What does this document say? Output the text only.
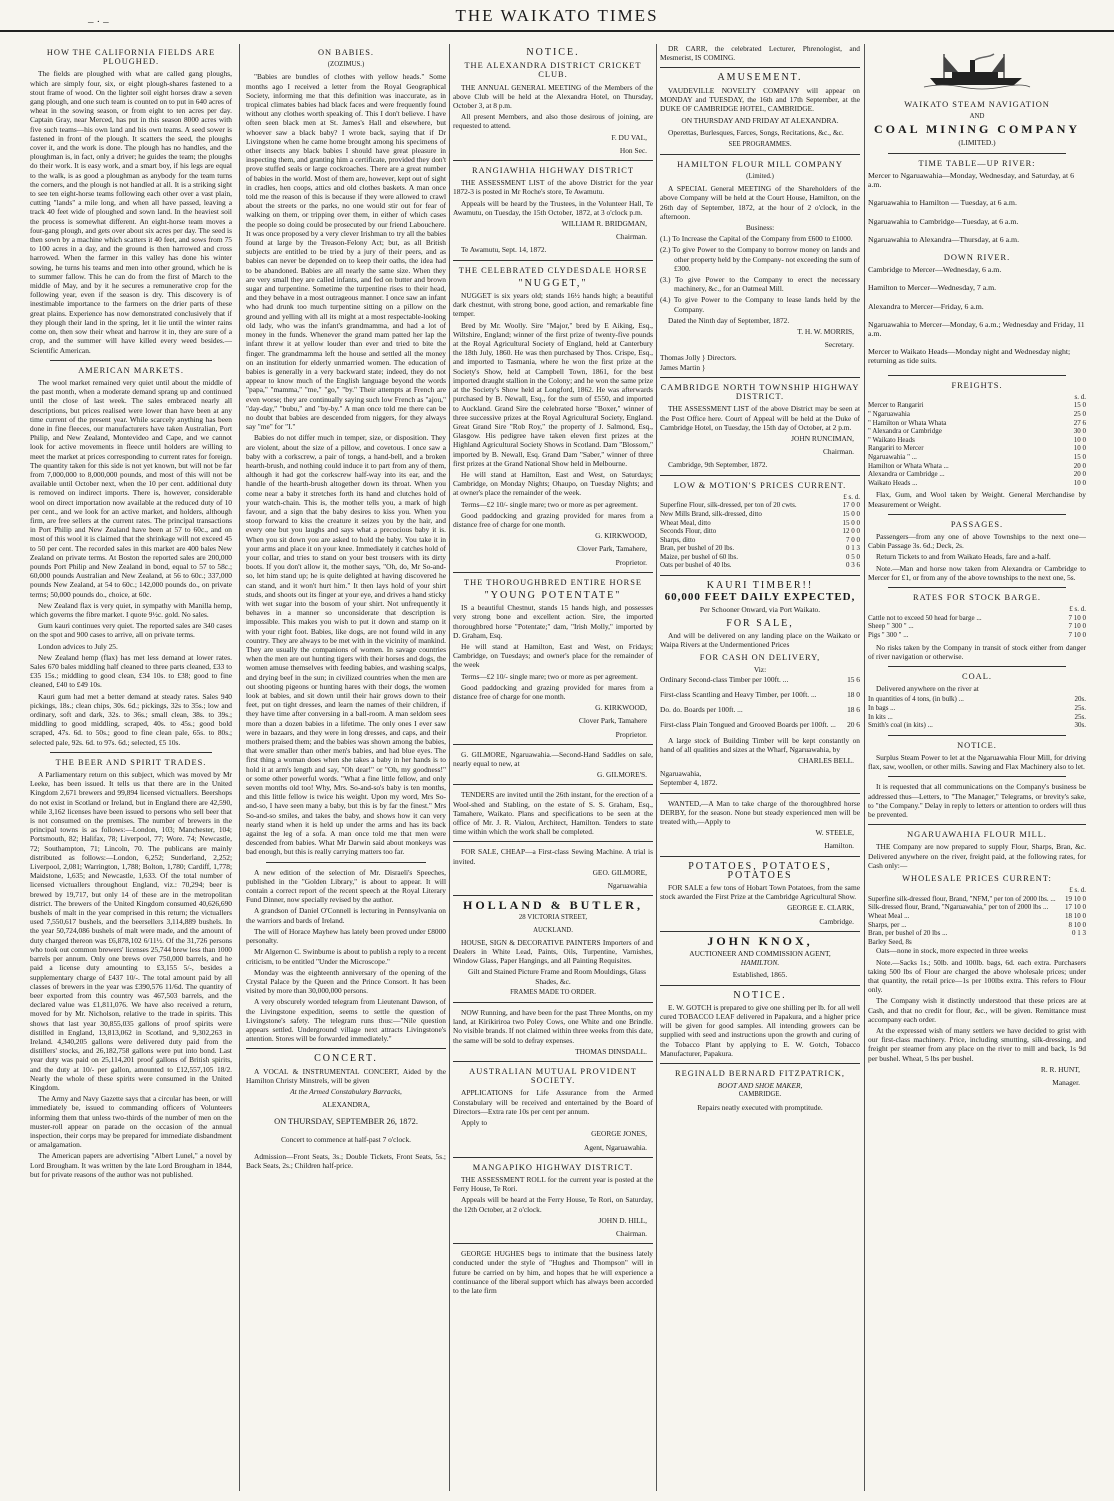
–·–	THE WAIKATO TIMES
HOW THE CALIFORNIA FIELDS ARE PLOUGHED.

The fields are ploughed with what are called gang ploughs, which are simply four, six, or eight plough-shares fastened to a stout frame of wood. On the lighter soil eight horses draw a seven gang plough, and one such team is counted on to put in 640 acres of wheat in the sowing season, or from eight to ten acres per day. Captain Gray, near Merced, has put in this season 8000 acres with five such teams—his own land and his own teams. A seed sower is fastened in front of the plough. It scatters the seed, the ploughs cover it, and the work is done. The plough has no handles, and the ploughman is, in fact, only a driver; he guides the team; the ploughs do their work. It is easy work, and a smart boy, if his legs are equal to the walk, is as good a ploughman as anybody for the team turns the corners, and the plough is not handled at all. It is a striking sight to see ten eight-horse teams following each other over a vast plain, cutting "lands" a mile long, and when all have passed, leaving a track 40 feet wide of ploughed and sown land. In the heaviest soil the process is somewhat different. An eight-horse team moves a four-gang plough, and gets over about six acres per day. The seed is then sown by a machine which scatters it 40 feet, and sows from 75 to 100 acres in a day, and the ground is then harrowed and cross harrowed. When the farmer in this valley has done his winter sowing, he turns his teams and men into other ground, which he is to summer fallow. This he can do from the first of March to the middle of May, and by it he secures a remunerative crop for the following year, even if the season is dry. This discovery is of inestimable importance to the farmers on the drier parts of these great plains. Experience has now demonstrated conclusively that if they plough their land in the spring, let it lie until the winter rains come on, then sow their wheat and harrow it in, they are sure of a crop, and the summer will have killed every weed besides.—Scientific American.

AMERICAN MARKETS.

The wool market remained very quiet until about the middle of the past month, when a moderate demand sprang up and continued until the close of last week. The sales embraced nearly all descriptions, but prices realised were lower than have been at any time current of the present year. While scarcely anything has been done in fine fleeces, our manufacturers have taken Australian, Port Philip, and New Zealand, Montevideo and Cape, and we cannot look for active movements in fleece until holders are willing to meet the market at prices corresponding to current rates for foreign. The quantity taken for this side is not yet known, but will not be far from 7,000,000 to 8,000,000 pounds, and most of this will not be available until October next, when the 10 per cent. additional duty is removed on indirect imports. There is, however, considerable wool on direct importation now available at the reduced duty of 10 per cent., and we look for an active market, and holders, although firm, are free sellers at the current rates. The principal transactions in Port Philip and New Zealand have been at 57 to 60c., and on most of this wool it is claimed that the shrinkage will not exceed 45 to 50 per cent. The recorded sales in this market are 400 bales New Zealand on private terms. At Boston the reported sales are 200,000 pounds Port Philip and New Zealand in bond, equal to 57 to 58c.; 60,000 pounds Australian and New Zealand, at 56 to 60c.; 337,000 pounds New Zealand, at 54 to 60c.; 142,000 pounds do., on private terms; 50,000 pounds do., choice, at 60c.

New Zealand flax is very quiet, in sympathy with Manilla hemp, which governs the fibre market. I quote 9½c. gold. No sales.

Gum kauri continues very quiet. The reported sales are 340 cases on the spot and 900 cases to arrive, all on private terms.

London advices to July 25.

New Zealand hemp (flax) has met less demand at lower rates. Sales 670 bales middling half cleaned to three parts cleaned, £33 to £35 15s.; middling to good clean, £34 10s. to £38; good to fine cleaned, £40 to £49 10s.

Kauri gum had met a better demand at steady rates. Sales 940 pickings, 18s.; clean chips, 30s. 6d.; pickings, 32s to 35s.; low and ordinary, soft and dark, 32s. to 36s.; small clean, 38s. to 39s.; middling to good middling, scraped, 40s. to 45s.; good bold scraped, 47s. 6d. to 50s.; good to fine clean pale, 65s. to 80s.; selected pale, 92s. 6d. to 97s. 6d.; selected, £5 10s.

THE BEER AND SPIRIT TRADES.

A Parliamentary return on this subject, which was moved by Mr Leeke, has been issued. It tells us that there are in the United Kingdom 2,671 brewers and 99,894 licensed victuallers. Beershops do not exist in Scotland or Ireland, but in England there are 42,590, while 3,162 licenses have been issued to persons who sell beer that is not consumed on the premises. The number of brewers in the principal towns is as follows:—London, 103; Manchester, 104; Portsmouth, 82; Halifax, 78; Liverpool, 77; Wore. 74; Newcastle, 72; Southampton, 71; Lincoln, 70. The publicans are mainly distributed as follows:—London, 6,252; Sunderland, 2,252; Liverpool, 2,081; Warrington, 1,788; Bolton, 1,780; Cardiff, 1,778; Maidstone, 1,635; and Newcastle, 1,633. Of the total number of licensed victuallers throughout England, viz.: 70,294; beer is brewed by 19,717, but only 14 of these are in the metropolitan district. The brewers of the United Kingdom consumed 40,626,690 bushels of malt in the year comprised in this return; the victuallers used 7,550,617 bushels, and the beersellers 3,114,889 bushels. In the year 50,724,086 bushels of malt were made, and the amount of duty charged thereon was £6,878,102 6/11½. Of the 31,726 persons who took out common brewers' licenses 25,744 brew less than 1000 barrels per annum. Only one brews over 750,000 barrels, and he paid a license duty amounting to £3,155 5/-, besides a supplementary charge of £437 10/-. The total amount paid by all classes of brewers in the year was £390,576 11/6d. The quantity of beer exported from this country was 467,503 barrels, and the declared value was £1,811,076. We have also received a return, moved for by Mr. Nicholson, relative to the trade in spirits. This shows that last year 30,855,035 gallons of proof spirits were distilled in England, 13,813,062 in Scotland, and 9,302,263 in Ireland. 4,340,205 gallons were delivered duty paid from the distillers' stocks, and 26,182,758 gallons were put into bond. Last year duty was paid on 25,114,201 proof gallons of British spirits, and the duty at 10/- per gallon, amounted to £12,557,105 18/2. Nearly the whole of these spirits were consumed in the United Kingdom.

The Army and Navy Gazette says that a circular has been, or will immediately be, issued to commanding officers of Volunteers informing them that unless two-thirds of the number of men on the muster-roll appear on parade on the occasion of the annual inspection, their corps may be prepared for immediate disbandment or amalgamation.

The American papers are advertising "Albert Lunel," a novel by Lord Brougham. It was written by the late Lord Brougham in 1844, but for private reasons of the author was not published.

ON BABIES.
(ZOZIMUS.)

"Babies are bundles of clothes with yellow heads." Some months ago I received a letter from the Royal Geographical Society, informing me that this definition was inaccurate, as in tropical climates babies had black faces and were frequently found without any clothes worth speaking of. This I don't believe. I have often seen black men at St. James's Hall and elsewhere, but whoever saw a black baby? I wrote back, saying that if Dr Livingstone when he came home brought among his specimens of other insects any black babies I should have great pleasure in inspecting them, and granting him a certificate, provided they don't prove stuffed seals or large cockroaches. There are a great number of babies in the world. Most of them are, however, kept out of sight in cradles, hen coops, attics and old clothes baskets. A man once told me the reason of this is because if they were allowed to crawl about the streets or the parks, no one would stir out for fear of walking on them, or tripping over them, in either of which cases the people so doing could be prosecuted by our friend Labouchere. It was once proposed by a very clever Irishman to try all the babies found at large by the Treason-Felony Act; but, as all British subjects are entitled to be tried by a jury of their peers, and as babies can never be depended on to keep their oaths, the idea had to be abandoned. Babies are all nearly the same size. When they are very small they are called infants, and fed on butter and brown sugar and turpentine. Sometime the turpentine rises to their head, and they behave in a most outrageous manner. I once saw an infant who had drunk too much turpentine sitting on a pillow on the ground and yelling with all its might at a most respectable-looking old lady, who was the infant's grandmamma, and had a lot of money in the funds. Whenever the grand mam patted her lap the infant threw it at yellow louder than ever and tried to bite the finger. The grandmamma left the house and settled all the money on an institution for elderly unmarried women. The education of babies is generally in a very backward state; indeed, they do not appear to know much of the English language beyond the words "papa," "mamma," "me," "go," "by." Their attempts at French are even worse; they are continually saying such low French as "ajou," "day-day," "bubu," and "by-by." A man once told me there can be no doubt that babies are descended from niggers, for they always say "me" for "I."

Babies do not differ much in temper, size, or disposition. They are violent, about the size of a pillow, and covetous. I once saw a baby with a corkscrew, a pair of tongs, a hand-bell, and a broken hearth-brush, and nothing could induce it to part from any of them, although it had got the corkscrew half-way into its ear, and the handle of the hearth-brush altogether down its throat. When you come near a baby it stretches forth its hand and clutches hold of your watch-chain. This is, the mother tells you, a mark of high favour, and a sign that the baby desires to kiss you. When you stoop forward to kiss the creature it seizes you by the hair, and every one but you laughs and says what a precocious baby it is. When you sit down you are asked to hold the baby. You take it in your arms and place it on your knee. Immediately it catches hold of your collar, and tries to stand on your best trousers with its dirty boots. If you don't allow it, the mother says, "Oh, do, Mr So-and-so, let him stand up; he is quite delighted at having discovered he can stand, and it won't hurt him." It then lays hold of your shirt studs, and shoots out its finger at your eye, and drives a hand sticky with wet sugar into the bosom of your shirt. Not unfrequently it behaves in a manner so unconsiderate that description is impossible. This makes you wish to put it down and stamp on it with your right foot. Babies, like dogs, are not found wild in any country. They are always to be met with in the vicinity of mankind. They are usually the companions of women. In savage countries when the men are out hunting tigers with their horses and dogs, the women amuse themselves with feeding babies, and washing scalps, and drying beef in the sun; in civilized countries when the men are out shooting pigeons or hunting hares with their dogs, the women look at babies, and sit down until their hair grows down to their feet, put on tight dresses, and learn the names of their children, if they have time after conversing in a ball-room. A man seldom sees more than a dozen babies in a lifetime. The only ones I ever saw were in bazaars, and they were in long dresses, and caps, and their mothers praised them; and the babies was shown among the babies, that were smaller than other men's babies, and had blue eyes. The first thing a woman does when she takes a baby in her hands is to hold it at arm's length and say, "Oh dear!" or "Oh, my goodness!" or some other powerful words. "What a fine little fellow, and only seven months old too! Why, Mrs. So-and-so's baby is ten months, and this little fellow is twice his weight. Upon my word, Mrs So-and-so, I have seen many a baby, but this is by far the finest." Mrs So-and-so smiles, and takes the baby, and shows how it can very nearly stand when it is held up under the arms and has its back against the leg of a sofa. A man once told me that men were descended from babies. What Mr Darwin said about monkeys was bad enough, but this is really carrying matters too far.

A new edition of the selection of Mr. Disraeli's Speeches, published in the "Golden Library," is about to appear. It will contain a correct report of the recent speech at the Royal Literary Fund Dinner, now specially revised by the author.

A grandson of Daniel O'Connell is lecturing in Pennsylvania on the warriors and bards of Ireland.

The will of Horace Mayhew has lately been proved under £8000 personalty.

Mr Algernon C. Swinburne is about to publish a reply to a recent criticism, to be entitled "Under the Microscope."

Monday was the eighteenth anniversary of the opening of the Crystal Palace by the Queen and the Prince Consort. It has been visited by more than 30,000,000 persons.

A very obscurely worded telegram from Lieutenant Dawson, of the Livingstone expedition, seems to settle the question of Livingstone's safety. The telegram runs thus:—"Nile question appears settled. Underground village next attracts Livingstone's attention. Stores will be forwarded immediately."

CONCERT.

A VOCAL & INSTRUMENTAL CONCERT, Aided by the Hamilton Christy Minstrels, will be given

At the Armed Constabulary Barracks,
ALEXANDRA,
ON THURSDAY, SEPTEMBER 26, 1872.
Concert to commence at half-past 7 o'clock.

Admission—Front Seats, 3s.; Double Tickets, Front Seats, 5s.; Back Seats, 2s.; Children half-price.

NOTICE.
THE ALEXANDRA DISTRICT CRICKET CLUB.

THE ANNUAL GENERAL MEETING of the Members of the above Club will be held at the Alexandra Hotel, on Thursday, October 3, at 8 p.m.

All present Members, and also those desirous of joining, are requested to attend.

F. DU VAL,
Hon Sec.
RANGIAWHIA HIGHWAY DISTRICT

THE ASSESSMENT LIST of the above District for the year 1872-3 is posted in Mr Roche's store, Te Awamutu.

Appeals will be heard by the Trustees, in the Volunteer Hall, Te Awamutu, on Tuesday, the 15th October, 1872, at 3 o'clock p.m.

WILLIAM R. BRIDGMAN,
Chairman.

Te Awamutu, Sept. 14, 1872.

THE CELEBRATED CLYDESDALE HORSE
"NUGGET,"

NUGGET is six years old; stands 16½ hands high; a beautiful dark chestnut, with strong bone, good action, and remarkable fine temper.

Bred by Mr. Woolly. Sire "Major," bred by E Aiking, Esq., Wiltshire, England; winner of the first prize of twenty-five pounds at the Royal Agricultural Society of England, held at Canterbury the 18th July, 1860. He was then purchased by Thos. Crispe, Esq., and imported to Tasmania, where he won the first prize at the Society's Show, held at Campbell Town, 1861, for the best imported draught stallion in the Colony; and he won the same prize at the Society's Show held at Longford, 1862. He was afterwards purchased by B. Newall, Esq., for the sum of £550, and imported to Auckland. Grand Sire the celebrated horse "Boxer," winner of three successive prizes at the Royal Agricultural Society, England. Great Grand Sire "Rob Roy," the property of J. Salmond, Esq., Glasgow. His pedigree have taken eleven first prizes at the Highland Agricultural Society Shows in Scotland. Dam "Blossom," imported by B. Newall, Esq. Grand Dam "Saber," winner of three first prizes at the Grand National Show held in Melbourne.

He will stand at Hamilton, East and West, on Saturdays; Cambridge, on Monday Nights; Ohaupo, on Tuesday Nights; and at owner's place the remainder of the week.

Terms—£2 10/- single mare; two or more as per agreement.

Good paddocking and grazing provided for mares from a distance free of charge for one month.

G. KIRKWOOD,
Clover Park, Tamahere,
Proprietor.
THE THOROUGHBRED ENTIRE HORSE
"YOUNG POTENTATE"

IS a beautiful Chestnut, stands 15 hands high, and possesses very strong bone and excellent action. Sire, the imported thoroughbred horse "Potentate;" dam, "Irish Molly," imported by D. Graham, Esq.

He will stand at Hamilton, East and West, on Fridays; Cambridge, on Tuesdays; and owner's place for the remainder of the week

Terms—£2 10/- single mare; two or more as per agreement.

Good paddocking and grazing provided for mares from a distance free of charge for one month.

G. KIRKWOOD,
Clover Park, Tamahere
Proprietor.

G. GILMORE, Ngaruawahia.—Second-Hand Saddles on sale, nearly equal to new, at

G. GILMORE'S.

TENDERS are invited until the 26th instant, for the erection of a Wool-shed and Stabling, on the estate of S. S. Graham, Esq., Tamahere, Waikato. Plans and specifications to be seen at the office of Mr. J. R. Vialou, Architect, Hamilton. Tenders to state time within which the work shall be completed.

FOR SALE, CHEAP—a First-class Sewing Machine. A trial is invited.

GEO. GILMORE,
Ngaruawahia
HOLLAND & BUTLER,
28 VICTORIA STREET,
AUCKLAND.

HOUSE, SIGN & DECORATIVE PAINTERS Importers of and Dealers in White Lead, Paints, Oils, Turpentine, Varnishes, Window Glass, Paper Hangings, and all Painting Requisites.

Gilt and Stained Picture Frame and Room Mouldings, Glass Shades, &c.

FRAMES MADE TO ORDER.

NOW Running, and have been for the past Three Months, on my land, at Kirikiriroa two Poley Cows, one White and one Brindle. No visible brands. If not claimed within three weeks from this date, the same will be sold to defray expenses.

THOMAS DINSDALL.
AUSTRALIAN MUTUAL PROVIDENT SOCIETY.

APPLICATIONS for Life Assurance from the Armed Constabulary will be received and entertained by the Board of Directors—Extra rate 10s per cent per annum.

Apply to

GEORGE JONES,
Agent, Ngaruawahia.
MANGAPIKO HIGHWAY DISTRICT.

THE ASSESSMENT ROLL for the current year is posted at the Ferry House, Te Rori.

Appeals will be heard at the Ferry House, Te Rori, on Saturday, the 12th October, at 2 o'clock.

JOHN D. HILL,
Chairman.

GEORGE HUGHES begs to intimate that the business lately conducted under the style of "Hughes and Thompson" will in future be carried on by him, and hopes that he will experience a continuance of the liberal support which has always been accorded to the late firm

DR CARR, the celebrated Lecturer, Phrenologist, and Mesmerist, IS COMING.

AMUSEMENT.

VAUDEVILLE NOVELTY COMPANY will appear on MONDAY and TUESDAY, the 16th and 17th September, at the DUKE OF CAMBRIDGE HOTEL, CAMBRIDGE.

ON THURSDAY AND FRIDAY AT ALEXANDRA.

Operettas, Burlesques, Farces, Songs, Recitations, &c., &c.

SEE PROGRAMMES.
HAMILTON FLOUR MILL COMPANY
(Limited.)

A SPECIAL General MEETING of the Shareholders of the above Company will be held at the Court House, Hamilton, on the 26th day of September, 1872, at the hour of 2 o'clock, in the afternoon.

Business:
(1.) To Increase the Capital of the Company from £600 to £1000.
(2.) To give Power to the Company to borrow money on lands and other property held by the Company- not exceeding the sum of £300.
(3.) To give Power to the Company to erect the necessary machinery, &c., for an Oatmeal Mill.
(4.) To give Power to the Company to lease lands held by the Company.

Dated the Ninth day of September, 1872.

T. H. W. MORRIS,
Secretary.
Thomas Jolly } Directors.
James Martin }
CAMBRIDGE NORTH TOWNSHIP HIGHWAY DISTRICT.

THE ASSESSMENT LIST of the above District may be seen at the Post Office here. Court of Appeal will be held at the Duke of Cambridge Hotel, on Tuesday, the 15th day of October, at 2 p.m.

JOHN RUNCIMAN,
Chairman.

Cambridge, 9th September, 1872.

LOW & MOTION'S PRICES CURRENT.
	£ s. d.
Superfine Flour, silk-dressed, per ton of 20 cwts.	17 0 0
New Mills Brand, silk-dressed, ditto	15 0 0
Wheat Meal, ditto	15 0 0
Seconds Flour, ditto	12 0 0
Sharps, ditto	7 0 0
Bran, per bushel of 20 lbs.	0 1 3
Maize, per bushel of 60 lbs.	0 5 0
Oats per bushel of 40 lbs.	0 3 6
KAURI TIMBER!!
60,000 FEET DAILY EXPECTED,
Per Schooner Onward, via Port Waikato.
FOR SALE,

And will be delivered on any landing place on the Waikato or Waipa Rivers at the Undermentioned Prices

FOR CASH ON DELIVERY,
Viz:
Ordinary Second-class Timber per 100ft. ...	15 6
First-class Scantling and Heavy Timber, per 100ft. ...	18 0
Do. do. Boards per 100ft. ...	18 6
First-class Plain Tongued and Grooved Boards per 100ft. ... 20 6

A large stock of Building Timber will be kept constantly on hand of all qualities and sizes at the Wharf, Ngaruawahia, by

CHARLES BELL.
Ngaruawahia,
September 4, 1872.

WANTED,—A Man to take charge of the thoroughbred horse DERBY, for the season. None but steady experienced men will be treated with,—Apply to

W. STEELE,
Hamilton.
POTATOES, POTATOES, POTATOES

FOR SALE a few tons of Hobart Town Potatoes, from the same stock awarded the First Prize at the Cambridge Agricultural Show.

GEORGE E. CLARK,
Cambridge.
JOHN KNOX,
AUCTIONEER AND COMMISSION AGENT,
HAMILTON.
Established, 1865.
NOTICE.

E. W. GOTCH is prepared to give one shilling per lb. for all well cured TOBACCO LEAF delivered in Papakura, and a higher price will be given for good samples. All intending growers can be supplied with seed and instructions upon the growth and curing of the Tobacco Plant by applying to E. W. Gotch, Tobacco Manufacturer, Papakura.

REGINALD BERNARD FITZPATRICK,
BOOT AND SHOE MAKER,
CAMBRIDGE.
Repairs neatly executed with promptitude.
WAIKATO STEAM NAVIGATION
AND
COAL MINING COMPANY
(LIMITED.)
TIME TABLE—UP RIVER:

Mercer to Ngaruawahia—Monday, Wednesday, and Saturday, at 6 a.m.

Ngaruawahia to Hamilton — Tuesday, at 6 a.m.

Ngaruawahia to Cambridge—Tuesday, at 6 a.m.

Ngaruawahia to Alexandra—Thursday, at 6 a.m.

DOWN RIVER.

Cambridge to Mercer—Wednesday, 6 a.m.

Hamilton to Mercer—Wednesday, 7 a.m.

Alexandra to Mercer—Friday, 6 a.m.

Ngaruawahia to Mercer—Monday, 6 a.m.; Wednesday and Friday, 11 a.m.

Mercer to Waikato Heads—Monday night and Wednesday night; returning as tide suits.

FREIGHTS.
	s. d.
Mercer to Rangariri	15 0
" Ngaruawahia	25 0
" Hamilton or Whata Whata	27 6
" Alexandra or Cambridge	30 0
" Waikato Heads	10 0
Rangariri to Mercer	10 0
Ngaruawahia " ...	15 0
Hamilton or Whata Whata ...	20 0
Alexandra or Cambridge ...	20 0
Waikato Heads ...	10 0

Flax, Gum, and Wool taken by Weight. General Merchandise by Measurement or Weight.

PASSAGES.

Passengers—from any one of above Townships to the next one—Cabin Passage 3s. 6d.; Deck, 2s.

Return Tickets to and from Waikato Heads, fare and a-half.

Note.—Man and horse now taken from Alexandra or Cambridge to Mercer for £1, or from any of the above townships to the next one, 5s.

RATES FOR STOCK BARGE.
	£ s. d.
Cattle not to exceed 50 head for barge ...	7 10 0
Sheep " 300 " ...	7 10 0
Pigs " 300 " ...	7 10 0

No risks taken by the Company in transit of stock either from danger of river navigation or otherwise.

COAL.

Delivered anywhere on the river at

In quantities of 4 tons, (in bulk) ...	20s.
In bags ...	25s.
In kits ...	25s.
Smith's coal (in kits) ...	30s.
NOTICE.

Surplus Steam Power to let at the Ngaruawahia Flour Mill, for driving flax, saw, woollen, or other mills. Sawing and Flax Machinery also to let.

It is requested that all communications on the Company's business be addressed thus—Letters, to "The Manager," Telegrams, or brevity's sake, to "the Company." Delay in reply to letters or attention to orders will thus be prevented.

NGARUAWAHIA FLOUR MILL.

THE Company are now prepared to supply Flour, Sharps, Bran, &c. Delivered anywhere on the river, freight paid, at the following rates, for Cash only:—

WHOLESALE PRICES CURRENT:
	£ s. d.
Superfine silk-dressed flour, Brand, "NFM," per ton of 2000 lbs. ...	19 10 0
Silk-dressed flour, Brand, "Ngaruawahia," per ton of 2000 lbs ...	17 10 0
Wheat Meal ...	18 10 0
Sharps, per ...	8 10 0
Bran, per bushel of 20 lbs ...	0 1 3
Barley Seed, 8s	

Oats—none in stock, more expected in three weeks

Note.—Sacks 1s.; 50lb. and 100lb. bags, 6d. each extra. Purchasers taking 500 lbs of Flour are charged the above wholesale prices; under that quantity, the retail price—1s per 100lbs extra. This refers to Flour only.

The Company wish it distinctly understood that these prices are at Cash, and that no credit for flour, &c., will be given. Remittance must accompany each order.

At the expressed wish of many settlers we have decided to grist with our first-class machinery. Price, including smutting, silk-dressing, and freight per steamer from any place on the river to mill and back, 1s 9d per bushel. Wheat, 5 lbs per bushel.

R. R. HUNT,
Manager.
